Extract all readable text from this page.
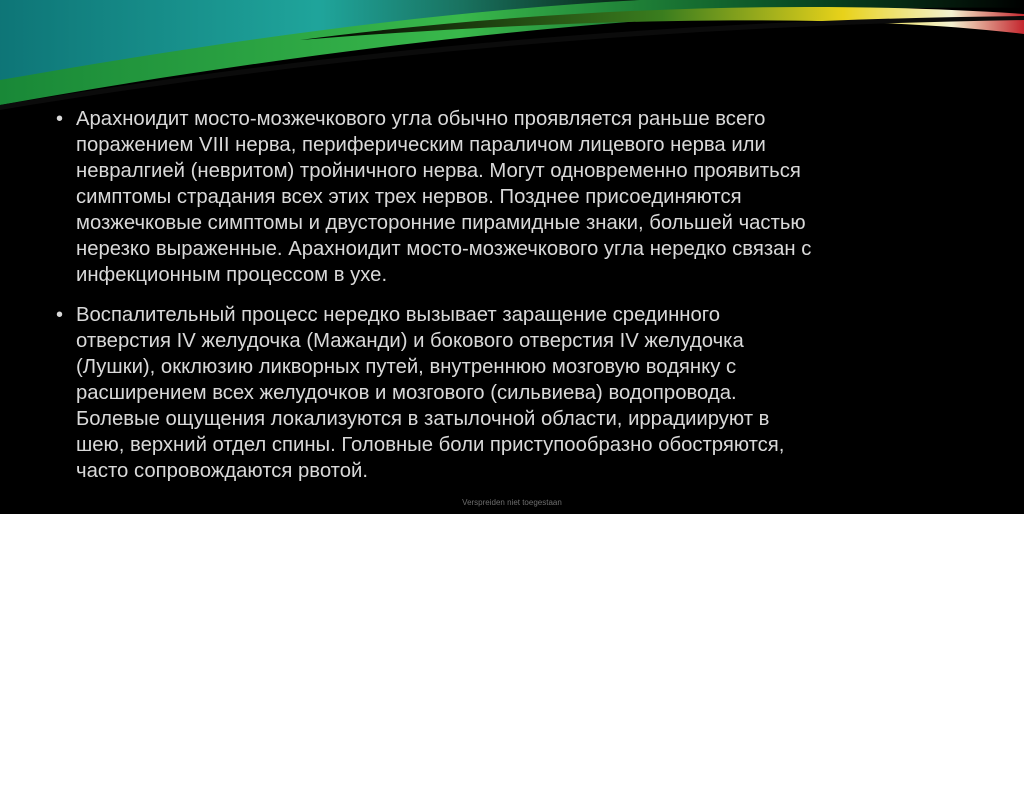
• Арахноидит мосто-мозжечкового угла обычно проявляется раньше всего
поражением VIII нерва, периферическим параличом лицевого нерва или
невралгией (невритом) тройничного нерва. Могут одновременно проявиться
симптомы страдания всех этих трех нервов. Позднее присоединяются
мозжечковые симптомы и двусторонние пирамидные знаки, большей частью
нерезко выраженные. Арахноидит мосто-мозжечкового угла нередко связан с
инфекционным процессом в ухе.
• Воспалительный процесс нередко вызывает заращение срединного
отверстия IV желудочка (Мажанди) и бокового отверстия IV желудочка
(Лушки), окклюзию ликворных путей, внутреннюю мозговую водянку с
расширением всех желудочков и мозгового (сильвиева) водопровода.
Болевые ощущения локализуются в затылочной области, иррадиируют в
шею, верхний отдел спины. Головные боли приступообразно обостряются,
часто сопровождаются рвотой.
Verspreiden niet toegestaan
